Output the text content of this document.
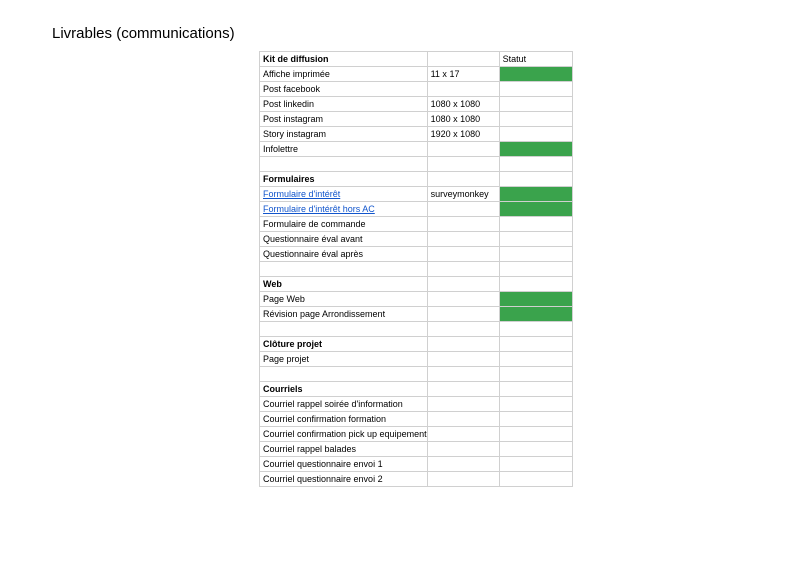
Livrables (communications)
Kit de diffusion		Statut
Affiche imprimée	11 x 17	
Post facebook		
Post linkedin	1080 x 1080	
Post instagram	1080 x 1080	
Story instagram	1920 x 1080	
Infolettre		

Formulaires		
Formulaire d'intérêt	surveymonkey	
Formulaire d'intérêt hors AC		
Formulaire de commande		
Questionnaire éval avant		
Questionnaire éval après		

Web		
Page Web		
Révision page Arrondissement		

Clôture projet		
Page projet		

Courriels		
Courriel rappel soirée d'information		
Courriel confirmation formation		
Courriel confirmation pick up equipement		
Courriel rappel balades		
Courriel questionnaire envoi 1		
Courriel questionnaire envoi 2		
